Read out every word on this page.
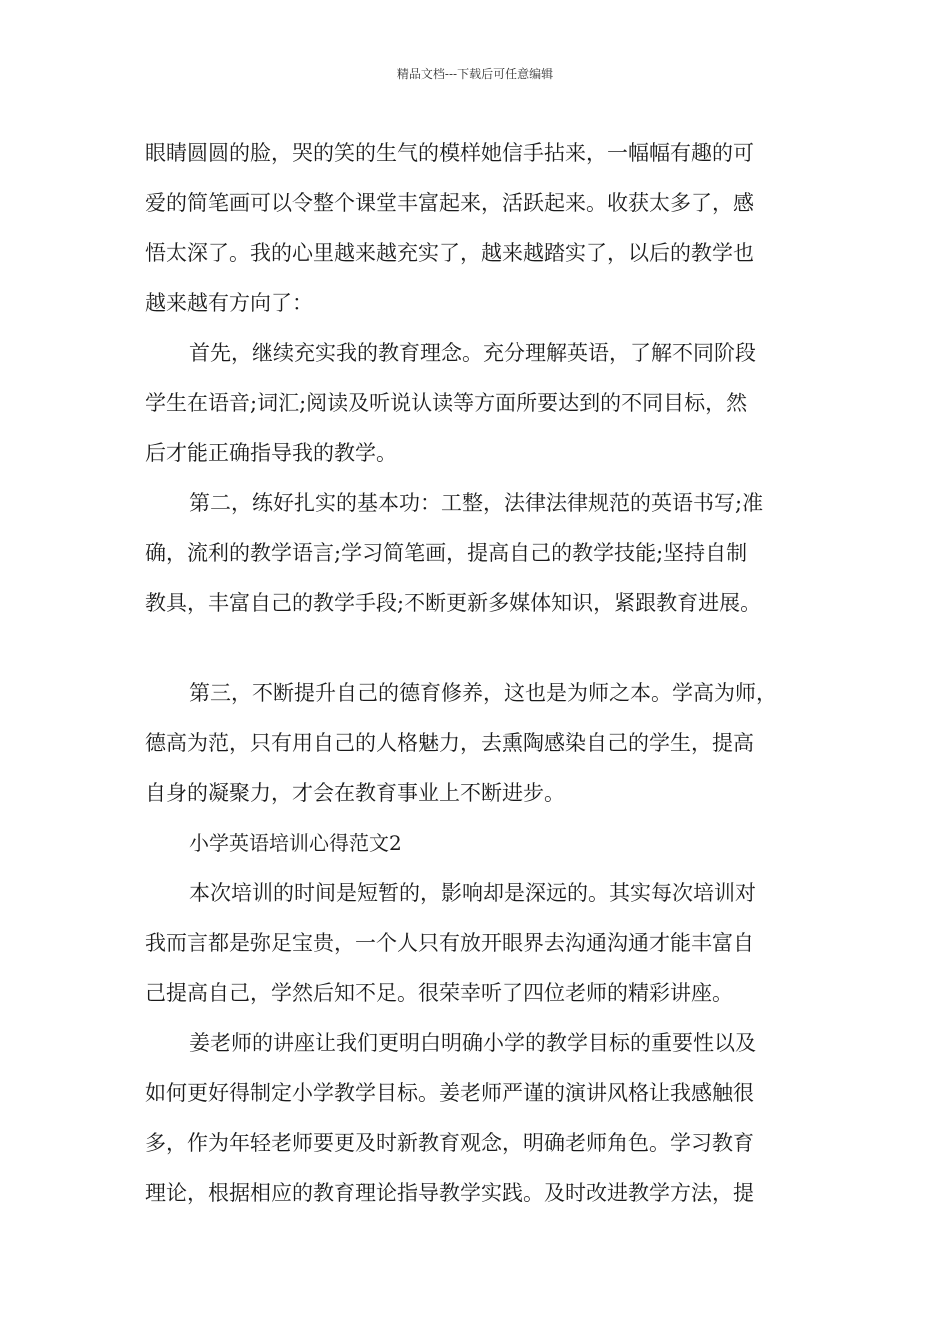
精品文档---下载后可任意编辑
眼睛圆圆的脸，哭的笑的生气的模样她信手拈来，一幅幅有趣的可
爱的简笔画可以令整个课堂丰富起来，活跃起来。收获太多了，感
悟太深了。我的心里越来越充实了，越来越踏实了，以后的教学也
越来越有方向了：
首先，继续充实我的教育理念。充分理解英语，了解不同阶段
学生在语音;词汇;阅读及听说认读等方面所要达到的不同目标，然
后才能正确指导我的教学。
第二，练好扎实的基本功：工整，法律法律规范的英语书写;准
确，流利的教学语言;学习简笔画，提高自己的教学技能;坚持自制
教具，丰富自己的教学手段;不断更新多媒体知识，紧跟教育进展。
第三，不断提升自己的德育修养，这也是为师之本。学高为师，
德高为范，只有用自己的人格魅力，去熏陶感染自己的学生，提高
自身的凝聚力，才会在教育事业上不断进步。
小学英语培训心得范文2
本次培训的时间是短暂的，影响却是深远的。其实每次培训对
我而言都是弥足宝贵，一个人只有放开眼界去沟通沟通才能丰富自
己提高自己，学然后知不足。很荣幸听了四位老师的精彩讲座。
姜老师的讲座让我们更明白明确小学的教学目标的重要性以及
如何更好得制定小学教学目标。姜老师严谨的演讲风格让我感触很
多，作为年轻老师要更及时新教育观念，明确老师角色。学习教育
理论，根据相应的教育理论指导教学实践。及时改进教学方法，提
